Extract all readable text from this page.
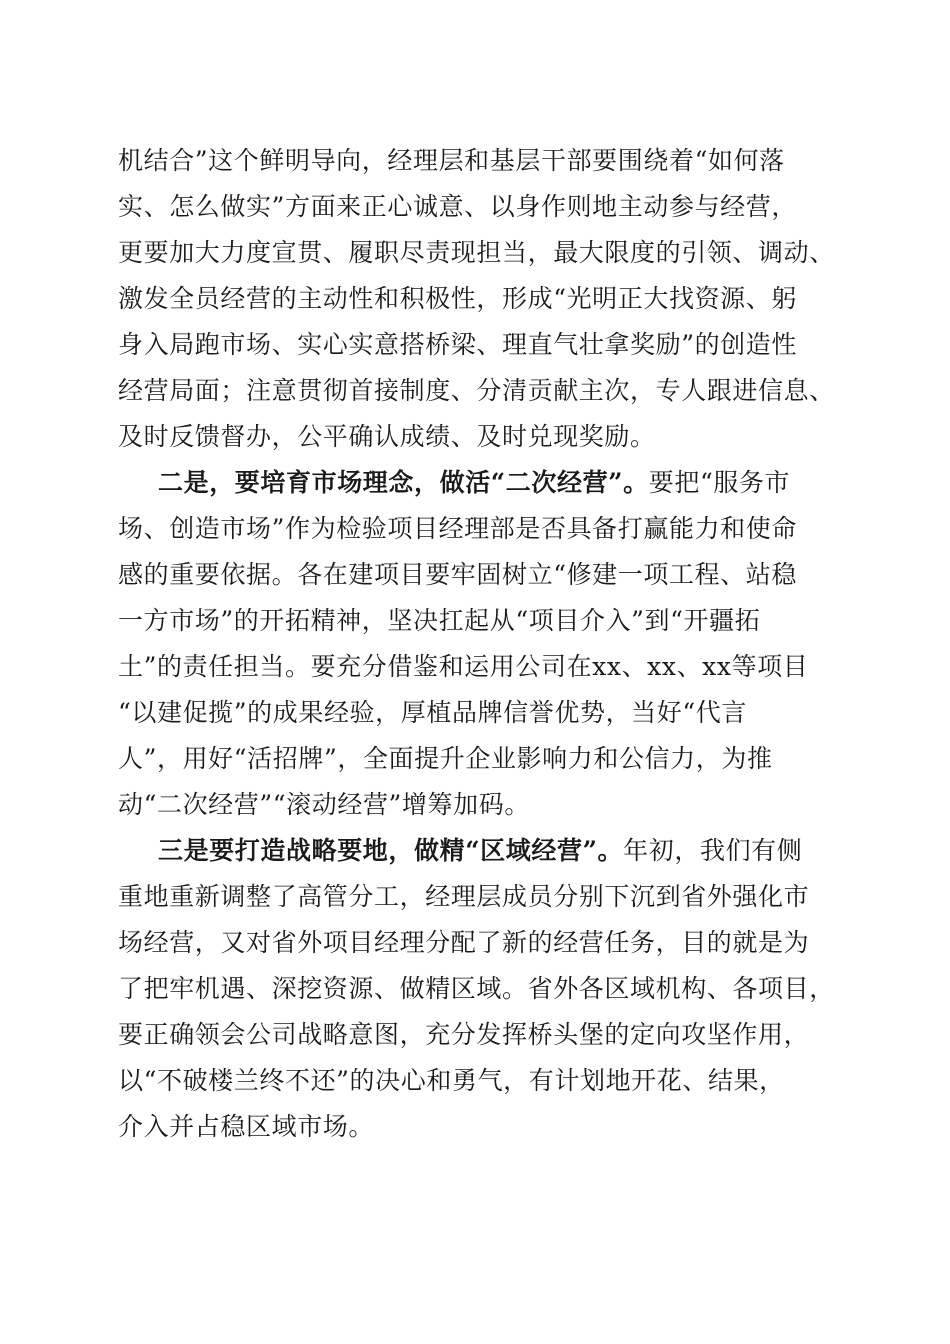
机结合”这个鲜明导向，经理层和基层干部要围绕着“如何落
实、怎么做实”方面来正心诚意、以身作则地主动参与经营，
更要加大力度宣贯、履职尽责现担当，最大限度的引领、调动、
激发全员经营的主动性和积极性，形成“光明正大找资源、躬
身入局跑市场、实心实意搭桥梁、理直气壮拿奖励”的创造性
经营局面；注意贯彻首接制度、分清贡献主次，专人跟进信息、
及时反馈督办，公平确认成绩、及时兑现奖励。
二是，要培育市场理念，做活“二次经营”。要把“服务市
场、创造市场”作为检验项目经理部是否具备打赢能力和使命
感的重要依据。各在建项目要牢固树立“修建一项工程、站稳
一方市场”的开拓精神，坚决扛起从“项目介入”到“开疆拓
土”的责任担当。要充分借鉴和运用公司在xx、xx、xx等项目
“以建促揽”的成果经验，厚植品牌信誉优势，当好“代言
人”，用好“活招牌”，全面提升企业影响力和公信力，为推
动“二次经营”“滚动经营”增筹加码。
三是要打造战略要地，做精“区域经营”。年初，我们有侧
重地重新调整了高管分工，经理层成员分别下沉到省外强化市
场经营，又对省外项目经理分配了新的经营任务，目的就是为
了把牢机遇、深挖资源、做精区域。省外各区域机构、各项目，
要正确领会公司战略意图，充分发挥桥头堡的定向攻坚作用，
以“不破楼兰终不还”的决心和勇气，有计划地开花、结果，
介入并占稳区域市场。
